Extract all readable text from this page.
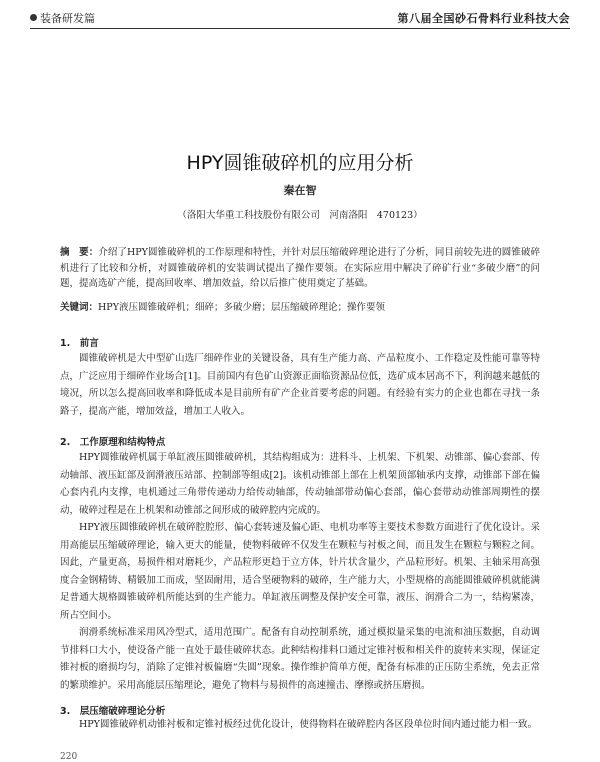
装备研发篇	第八届全国砂石骨料行业科技大会
HPY圆锥破碎机的应用分析
秦在智
（洛阳大华重工科技股份有限公司　河南洛阳　470123）
摘　要：介绍了HPY圆锥破碎机的工作原理和特性，并针对层压缩破碎理论进行了分析，同目前较先进的圆锥破碎机进行了比较和分析，对圆锥破碎机的安装调试提出了操作要领。在实际应用中解决了碎矿行业“多破少磨”的问题，提高选矿产能，提高回收率、增加效益，给以后推广使用奠定了基础。
关键词：HPY液压圆锥破碎机；细碎；多破少磨；层压缩破碎理论；操作要领
1.　前言
圆锥破碎机是大中型矿山选厂细碎作业的关键设备，具有生产能力高、产品粒度小、工作稳定及性能可靠等特点，广泛应用于细碎作业场合[1]。目前国内有色矿山资源正面临资源品位低，选矿成本居高不下，利润越来越低的境况，所以怎么提高回收率和降低成本是目前所有矿产企业首要考虑的问题。有经验有实力的企业也都在寻找一条路子，提高产能，增加效益，增加工人收入。
2.　工作原理和结构特点
HPY圆锥破碎机属于单缸液压圆锥破碎机，其结构组成为：进料斗、上机架、下机架、动锥部、偏心套部、传动轴部、液压缸部及润滑液压站部、控制部等组成[2]。该机动锥部上部在上机架顶部轴承内支撑，动锥部下部在偏心套内孔内支撑，电机通过三角带传递动力给传动轴部，传动轴部带动偏心套部，偏心套带动动锥部周期性的摆动，破碎过程是在上机架和动锥部之间形成的破碎腔内完成的。
HPY液压圆锥破碎机在破碎腔腔形、偏心套转速及偏心距、电机功率等主要技术参数方面进行了优化设计。采用高能层压缩破碎理论，输入更大的能量，使物料破碎不仅发生在颗粒与衬板之间，而且发生在颗粒与颗粒之间。因此，产量更高，易损件相对磨耗少，产品粒形更趋于立方体，针片状含量少，产品粒形好。机架、主轴采用高强度合金钢精铸、精锻加工而成，坚固耐用，适合坚硬物料的破碎，生产能力大，小型规格的高能圆锥破碎机就能满足普通大规格圆锥破碎机所能达到的生产能力。单缸液压调整及保护安全可靠，液压、润滑合二为一，结构紧凑，所占空间小。
润滑系统标准采用风冷型式，适用范围广。配备有自动控制系统，通过模拟量采集的电流和油压数据，自动调节排料口大小，使设备产能一直处于最佳破碎状态。此种结构排料口通过定锥衬板和相关件的旋转来实现，保证定锥衬板的磨损均匀，消除了定锥衬板偏磨“失圆”现象。操作维护简单方便，配备有标准的正压防尘系统，免去正常的繁琐维护。采用高能层压缩理论，避免了物料与易损件的高速撞击、摩擦或挤压磨损。
3.　层压缩破碎理论分析
HPY圆锥破碎机动锥衬板和定锥衬板经过优化设计，使得物料在破碎腔内各区段单位时间内通过能力相一致。
220
